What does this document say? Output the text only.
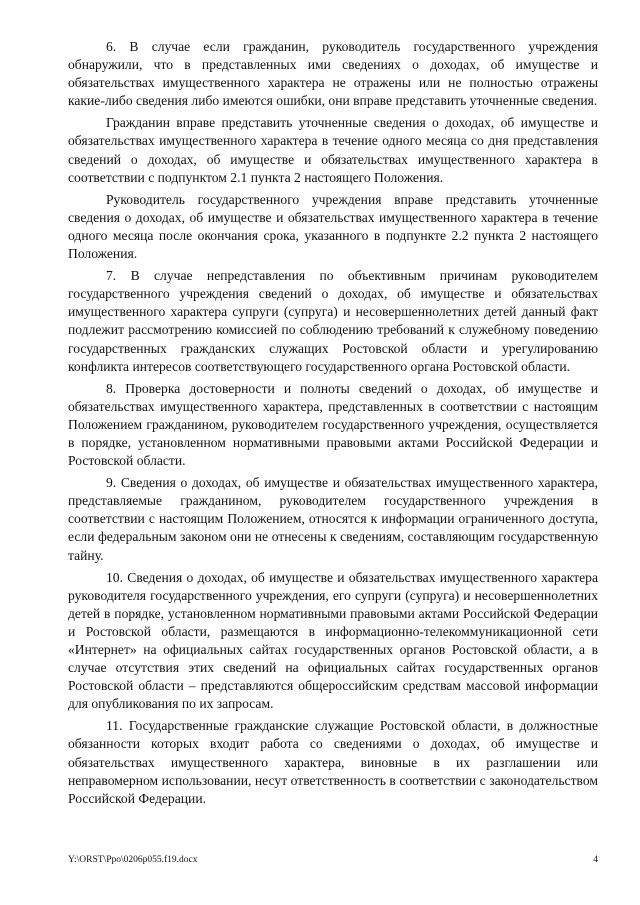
6. В случае если гражданин, руководитель государственного учреждения обнаружили, что в представленных ими сведениях о доходах, об имуществе и обязательствах имущественного характера не отражены или не полностью отражены какие-либо сведения либо имеются ошибки, они вправе представить уточненные сведения.

Гражданин вправе представить уточненные сведения о доходах, об имуществе и обязательствах имущественного характера в течение одного месяца со дня представления сведений о доходах, об имуществе и обязательствах имущественного характера в соответствии с подпунктом 2.1 пункта 2 настоящего Положения.

Руководитель государственного учреждения вправе представить уточненные сведения о доходах, об имуществе и обязательствах имущественного характера в течение одного месяца после окончания срока, указанного в подпункте 2.2 пункта 2 настоящего Положения.

7. В случае непредставления по объективным причинам руководителем государственного учреждения сведений о доходах, об имуществе и обязательствах имущественного характера супруги (супруга) и несовершеннолетних детей данный факт подлежит рассмотрению комиссией по соблюдению требований к служебному поведению государственных гражданских служащих Ростовской области и урегулированию конфликта интересов соответствующего государственного органа Ростовской области.

8. Проверка достоверности и полноты сведений о доходах, об имуществе и обязательствах имущественного характера, представленных в соответствии с настоящим Положением гражданином, руководителем государственного учреждения, осуществляется в порядке, установленном нормативными правовыми актами Российской Федерации и Ростовской области.

9. Сведения о доходах, об имуществе и обязательствах имущественного характера, представляемые гражданином, руководителем государственного учреждения в соответствии с настоящим Положением, относятся к информации ограниченного доступа, если федеральным законом они не отнесены к сведениям, составляющим государственную тайну.

10. Сведения о доходах, об имуществе и обязательствах имущественного характера руководителя государственного учреждения, его супруги (супруга) и несовершеннолетних детей в порядке, установленном нормативными правовыми актами Российской Федерации и Ростовской области, размещаются в информационно-телекоммуникационной сети «Интернет» на официальных сайтах государственных органов Ростовской области, а в случае отсутствия этих сведений на официальных сайтах государственных органов Ростовской области – представляются общероссийским средствам массовой информации для опубликования по их запросам.

11. Государственные гражданские служащие Ростовской области, в должностные обязанности которых входит работа со сведениями о доходах, об имуществе и обязательствах имущественного характера, виновные в их разглашении или неправомерном использовании, несут ответственность в соответствии с законодательством Российской Федерации.

Y:\ORST\Ppo\0206p055.f19.docx	4
